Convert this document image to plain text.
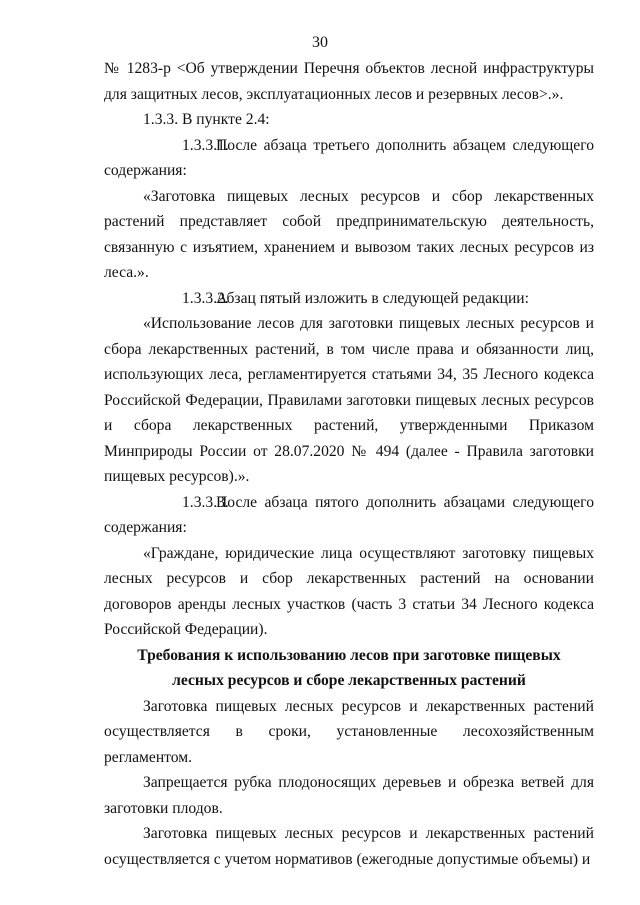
30

№ 1283-р <Об утверждении Перечня объектов лесной инфраструктуры для защитных лесов, эксплуатационных лесов и резервных лесов>.».

1.3.3. В пункте 2.4:

1.3.3.1.После абзаца третьего дополнить абзацем следующего содержания:

«Заготовка пищевых лесных ресурсов и сбор лекарственных растений представляет собой предпринимательскую деятельность, связанную с изъятием, хранением и вывозом таких лесных ресурсов из леса.».

1.3.3.2.Абзац пятый изложить в следующей редакции:

«Использование лесов для заготовки пищевых лесных ресурсов и сбора лекарственных растений, в том числе права и обязанности лиц, использующих леса, регламентируется статьями 34, 35 Лесного кодекса Российской Федерации, Правилами заготовки пищевых лесных ресурсов и сбора лекарственных растений, утвержденными Приказом Минприроды России от 28.07.2020 № 494 (далее - Правила заготовки пищевых ресурсов).».

1.3.3.3.После абзаца пятого дополнить абзацами следующего содержания:

«Граждане, юридические лица осуществляют заготовку пищевых лесных ресурсов и сбор лекарственных растений на основании договоров аренды лесных участков (часть 3 статьи 34 Лесного кодекса Российской Федерации).

Требования к использованию лесов при заготовке пищевых

лесных ресурсов и сборе лекарственных растений

Заготовка пищевых лесных ресурсов и лекарственных растений осуществляется в сроки, установленные лесохозяйственным регламентом.

Запрещается рубка плодоносящих деревьев и обрезка ветвей для заготовки плодов.

Заготовка пищевых лесных ресурсов и лекарственных растений осуществляется с учетом нормативов (ежегодные допустимые объемы) и
